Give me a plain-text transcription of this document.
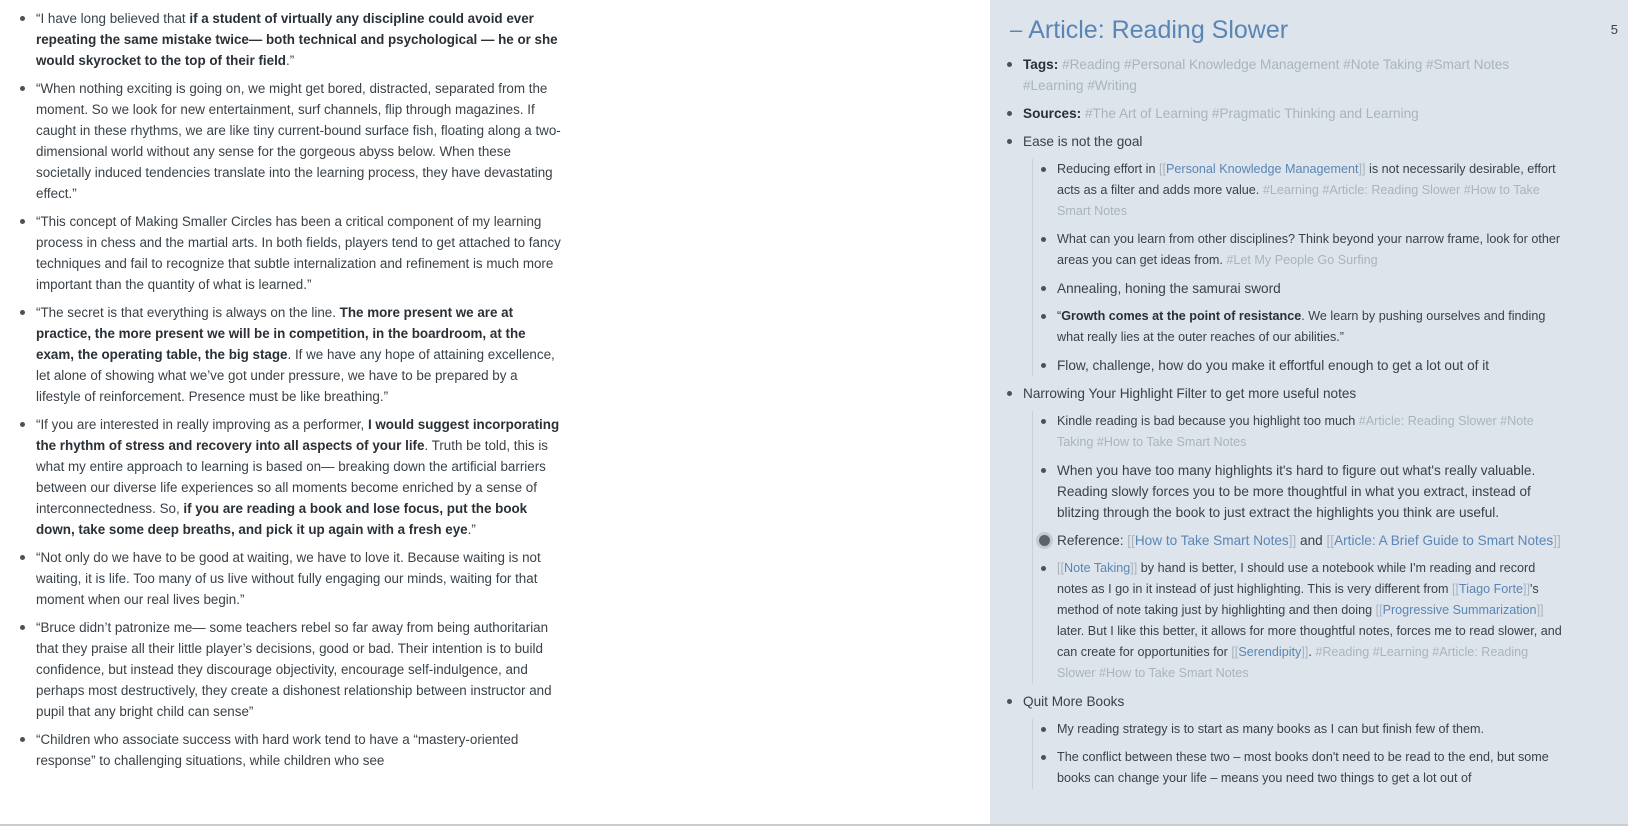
“I have long believed that if a student of virtually any discipline could avoid ever repeating the same mistake twice— both technical and psychological — he or she would skyrocket to the top of their field.”
“When nothing exciting is going on, we might get bored, distracted, separated from the moment. So we look for new entertainment, surf channels, flip through magazines. If caught in these rhythms, we are like tiny current-bound surface fish, floating along a two-dimensional world without any sense for the gorgeous abyss below. When these societally induced tendencies translate into the learning process, they have devastating effect.”
“This concept of Making Smaller Circles has been a critical component of my learning process in chess and the martial arts. In both fields, players tend to get attached to fancy techniques and fail to recognize that subtle internalization and refinement is much more important than the quantity of what is learned.”
“The secret is that everything is always on the line. The more present we are at practice, the more present we will be in competition, in the boardroom, at the exam, the operating table, the big stage. If we have any hope of attaining excellence, let alone of showing what we’ve got under pressure, we have to be prepared by a lifestyle of reinforcement. Presence must be like breathing.”
“If you are interested in really improving as a performer, I would suggest incorporating the rhythm of stress and recovery into all aspects of your life. Truth be told, this is what my entire approach to learning is based on— breaking down the artificial barriers between our diverse life experiences so all moments become enriched by a sense of interconnectedness. So, if you are reading a book and lose focus, put the book down, take some deep breaths, and pick it up again with a fresh eye.”
“Not only do we have to be good at waiting, we have to love it. Because waiting is not waiting, it is life. Too many of us live without fully engaging our minds, waiting for that moment when our real lives begin.”
“Bruce didn’t patronize me— some teachers rebel so far away from being authoritarian that they praise all their little player’s decisions, good or bad. Their intention is to build confidence, but instead they discourage objectivity, encourage self-indulgence, and perhaps most destructively, they create a dishonest relationship between instructor and pupil that any bright child can sense”
“Children who associate success with hard work tend to have a “mastery-oriented response” to challenging situations, while children who see
– Article: Reading Slower	5
Tags: #Reading #Personal Knowledge Management #Note Taking #Smart Notes #Learning #Writing
Sources: #The Art of Learning #Pragmatic Thinking and Learning
Ease is not the goal
Reducing effort in [[Personal Knowledge Management]] is not necessarily desirable, effort acts as a filter and adds more value. #Learning #Article: Reading Slower #How to Take Smart Notes
What can you learn from other disciplines? Think beyond your narrow frame, look for other areas you can get ideas from. #Let My People Go Surfing
Annealing, honing the samurai sword
“Growth comes at the point of resistance. We learn by pushing ourselves and finding what really lies at the outer reaches of our abilities.”
Flow, challenge, how do you make it effortful enough to get a lot out of it
Narrowing Your Highlight Filter to get more useful notes
Kindle reading is bad because you highlight too much #Article: Reading Slower #Note Taking #How to Take Smart Notes
When you have too many highlights it's hard to figure out what's really valuable. Reading slowly forces you to be more thoughtful in what you extract, instead of blitzing through the book to just extract the highlights you think are useful.
Reference: [[How to Take Smart Notes]] and [[Article: A Brief Guide to Smart Notes]]
[[Note Taking]] by hand is better, I should use a notebook while I'm reading and record notes as I go in it instead of just highlighting. This is very different from [[Tiago Forte]]'s method of note taking just by highlighting and then doing [[Progressive Summarization]] later. But I like this better, it allows for more thoughtful notes, forces me to read slower, and can create for opportunities for [[Serendipity]]. #Reading #Learning #Article: Reading Slower #How to Take Smart Notes
Quit More Books
My reading strategy is to start as many books as I can but finish few of them.
The conflict between these two – most books don't need to be read to the end, but some books can change your life – means you need two things to get a lot out of
